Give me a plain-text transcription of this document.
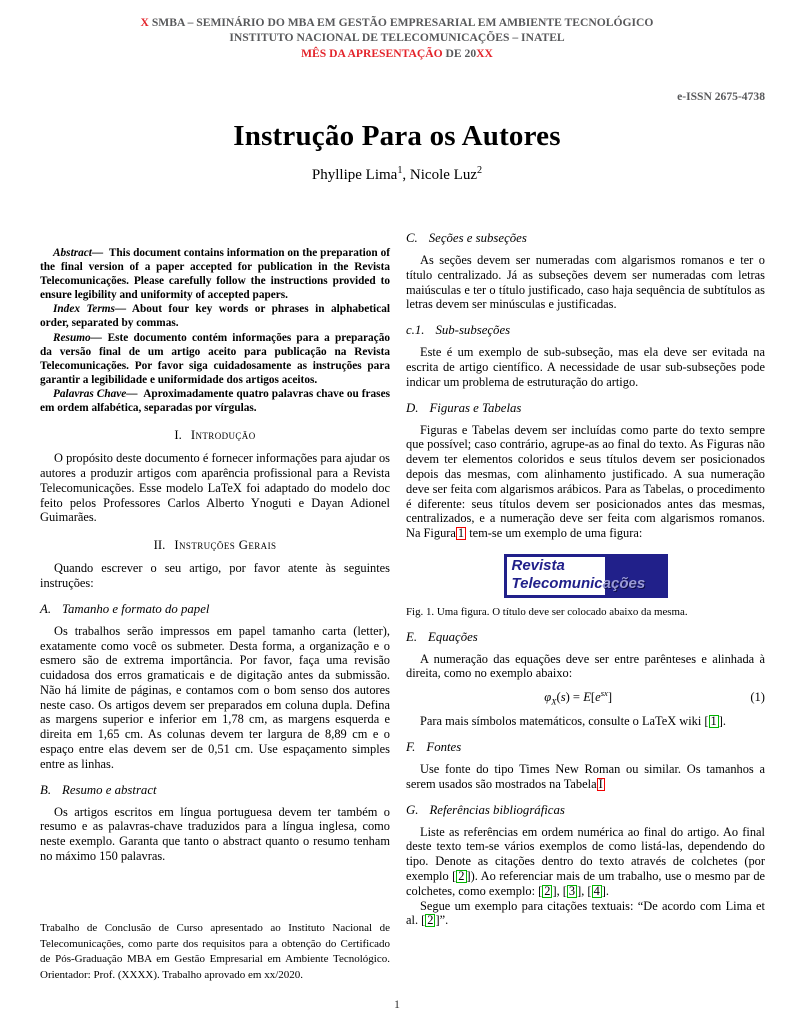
X SMBA – SEMINÁRIO DO MBA EM GESTÃO EMPRESARIAL EM AMBIENTE TECNOLÓGICO
INSTITUTO NACIONAL DE TELECOMUNICAÇÕES – INATEL
MÊS DA APRESENTAÇÃO DE 20XX
e-ISSN 2675-4738
Instrução Para os Autores
Phyllipe Lima$^1$, Nicole Luz$^2$

Abstract— This document contains information on the preparation of the final version of a paper accepted for publication in the Revista Telecomunicações. Please carefully follow the instructions provided to ensure legibility and uniformity of accepted papers.

Index Terms— About four key words or phrases in alphabetical order, separated by commas.

Resumo— Este documento contém informações para a preparação da versão final de um artigo aceito para publicação na Revista Telecomunicações. Por favor siga cuidadosamente as instruções para garantir a legibilidade e uniformidade dos artigos aceitos.

Palavras Chave— Aproximadamente quatro palavras chave ou frases em ordem alfabética, separadas por vírgulas.

I. Introdução

O propósito deste documento é fornecer informações para ajudar os autores a produzir artigos com aparência profissional para a Revista Telecomunicações. Esse modelo LaTeX foi adaptado do modelo doc feito pelos Professores Carlos Alberto Ynoguti e Dayan Adionel Guimarães.

II. Instruções Gerais

Quando escrever o seu artigo, por favor atente às seguintes instruções:

A. Tamanho e formato do papel

Os trabalhos serão impressos em papel tamanho carta (letter), exatamente como você os submeter. Desta forma, a organização e o esmero são de extrema importância. Por favor, faça uma revisão cuidadosa dos erros gramaticais e de digitação antes da submissão. Não há limite de páginas, e contamos com o bom senso dos autores neste caso. Os artigos devem ser preparados em coluna dupla. Defina as margens superior e inferior em 1,78 cm, as margens esquerda e direita em 1,65 cm. As colunas devem ter largura de 8,89 cm e o espaço entre elas devem ser de 0,51 cm. Use espaçamento simples entre as linhas.

B. Resumo e abstract

Os artigos escritos em língua portuguesa devem ter também o resumo e as palavras-chave traduzidos para a língua inglesa, como neste exemplo. Garanta que tanto o abstract quanto o resumo tenham no máximo 150 palavras.

Trabalho de Conclusão de Curso apresentado ao Instituto Nacional de Telecomunicações, como parte dos requisitos para a obtenção do Certificado de Pós-Graduação MBA em Gestão Empresarial em Ambiente Tecnológico. Orientador: Prof. (XXXX). Trabalho aprovado em xx/2020.
C. Seções e subseções

As seções devem ser numeradas com algarismos romanos e ter o título centralizado. Já as subseções devem ser numeradas com letras maiúsculas e ter o título justificado, caso haja sequência de subtítulos as letras devem ser minúsculas e justificadas.

c.1. Sub-subseções

Este é um exemplo de sub-subseção, mas ela deve ser evitada na escrita de artigo científico. A necessidade de usar sub-subseções pode indicar um problema de estruturação do artigo.

D. Figuras e Tabelas

Figuras e Tabelas devem ser incluídas como parte do texto sempre que possível; caso contrário, agrupe-as ao final do texto. As Figuras não devem ter elementos coloridos e seus títulos devem ser posicionados depois das mesmas, com alinhamento justificado. A sua numeração deve ser feita com algarismos arábicos. Para as Tabelas, o procedimento é diferente: seus títulos devem ser posicionados antes das mesmas, centralizados, e a numeração deve ser feita com algarismos romanos. Na Figura 1 tem-se um exemplo de uma figura:

Revista
Telecomunicações

Fig. 1. Uma figura. O título deve ser colocado abaixo da mesma.

E. Equações

A numeração das equações deve ser entre parênteses e alinhada à direita, como no exemplo abaixo:

$\varphi_X(s) = E[e^{sx}]$	(1)

Para mais símbolos matemáticos, consulte o LaTeX wiki [ 1 ].

F. Fontes

Use fonte do tipo Times New Roman ou similar. Os tamanhos a serem usados são mostrados na Tabela I

G. Referências bibliográficas

Liste as referências em ordem numérica ao final do artigo. Ao final deste texto tem-se vários exemplos de como listá-las, dependendo do tipo. Denote as citações dentro do texto através de colchetes (por exemplo [ 2 ]). Ao referenciar mais de um trabalho, use o mesmo par de colchetes, como exemplo: [ 2 ], [ 3 ], [ 4 ].

Segue um exemplo para citações textuais: “De acordo com Lima et al. [ 2 ]”.

1
